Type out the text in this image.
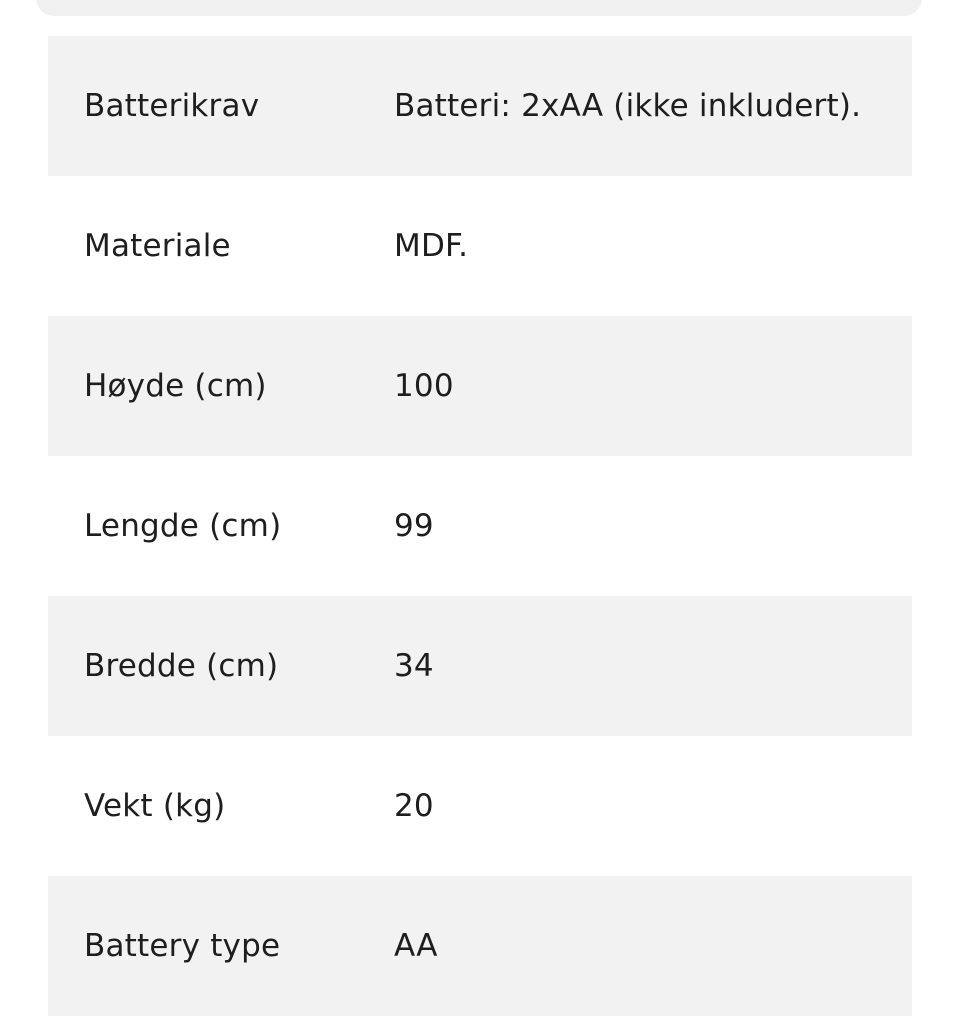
Batterikrav	Batteri: 2xAA (ikke inkludert).
Materiale	MDF.
Høyde (cm)	100
Lengde (cm)	99
Bredde (cm)	34
Vekt (kg)	20
Battery type	AA
